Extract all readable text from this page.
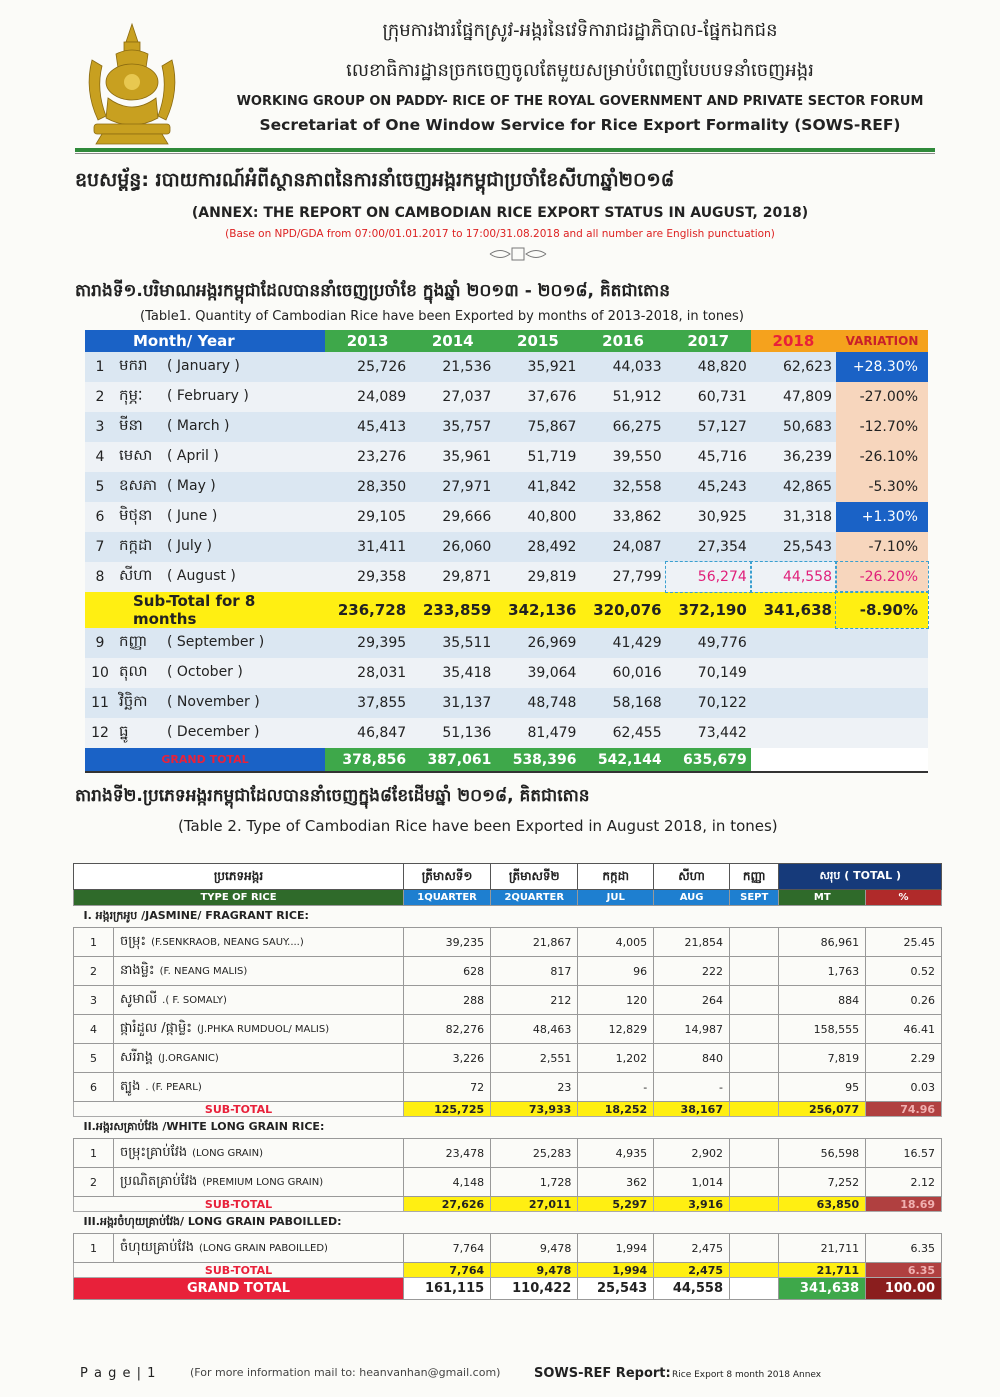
ក្រុមការងារផ្នែកស្រូវ-អង្ករនៃវេទិការាជរដ្ឋាភិបាល-ផ្នែកឯកជន
លេខាធិការដ្ឋានច្រកចេញចូលតែមួយសម្រាប់បំពេញបែបបទនាំចេញអង្ករ
WORKING GROUP ON PADDY- RICE OF THE ROYAL GOVERNMENT AND PRIVATE SECTOR FORUM
Secretariat of One Window Service for Rice Export Formality (SOWS-REF)
ឧបសម្ព័ន្ធ: របាយការណ៍អំពីស្ថានភាពនៃការនាំចេញអង្ករកម្ពុជាប្រចាំខែសីហាឆ្នាំ២០១៨
(ANNEX: THE REPORT ON CAMBODIAN RICE EXPORT STATUS IN AUGUST, 2018)
(Base on NPD/GDA from 07:00/01.01.2017 to 17:00/31.08.2018 and all number are English punctuation)
តារាងទី១.បរិមាណអង្ករកម្ពុជាដែលបាននាំចេញប្រចាំខែ ក្នុងឆ្នាំ ២០១៣ - ២០១៨, គិតជាតោន
(Table1. Quantity of Cambodian Rice have been Exported by months of 2013-2018, in tones)
Month/ Year		2013	2014	2015	2016	2017	2018	VARIATION
1	មករា ( January )	25,726	21,536	35,921	44,033	48,820	62,623	+28.30%
2	កុម្ភៈ ( February )	24,089	27,037	37,676	51,912	60,731	47,809	-27.00%
3	មីនា ( March )	45,413	35,757	75,867	66,275	57,127	50,683	-12.70%
4	មេសា ( April )	23,276	35,961	51,719	39,550	45,716	36,239	-26.10%
5	ឧសភា ( May )	28,350	27,971	41,842	32,558	45,243	42,865	-5.30%
6	មិថុនា ( June )	29,105	29,666	40,800	33,862	30,925	31,318	+1.30%
7	កក្កដា ( July )	31,411	26,060	28,492	24,087	27,354	25,543	-7.10%
8	សីហា ( August )	29,358	29,871	29,819	27,799	56,274	44,558	-26.20%
Sub-Total for 8 months		236,728	233,859	342,136	320,076	372,190	341,638	-8.90%
9	កញ្ញា ( September )	29,395	35,511	26,969	41,429	49,776		
10	តុលា ( October )	28,031	35,418	39,064	60,016	70,149		
11	វិច្ឆិកា ( November )	37,855	31,137	48,748	58,168	70,122		
12	ធ្នូ ( December )	46,847	51,136	81,479	62,455	73,442		
GRAND TOTAL		378,856	387,061	538,396	542,144	635,679		
តារាងទី២.ប្រភេទអង្ករកម្ពុជាដែលបាននាំចេញក្នុង៨ខែដើមឆ្នាំ ២០១៨, គិតជាតោន
(Table 2. Type of Cambodian Rice have been Exported in August 2018, in tones)
ប្រភេទអង្ករ		ត្រីមាសទី១	ត្រីមាសទី២	កក្កដា	សីហា	កញ្ញា	សរុប ( TOTAL )	
TYPE OF RICE		1QUARTER	2QUARTER	JUL	AUG	SEPT	MT	%
I. អង្ករក្រអូប /JASMINE/ FRAGRANT RICE:								
1	ចម្រុះ (F.SENKRAOB, NEANG SAUY....)	39,235	21,867	4,005	21,854		86,961	25.45
2	នាងម្លិះ (F. NEANG MALIS)	628	817	96	222		1,763	0.52
3	សូមាលី .( F. SOMALY)	288	212	120	264		884	0.26
4	ផ្ការំដួល /ផ្កាម្លិះ (J.PHKA RUMDUOL/ MALIS)	82,276	48,463	12,829	14,987		158,555	46.41
5	សរីរាង្គ (J.ORGANIC)	3,226	2,551	1,202	840		7,819	2.29
6	ត្បូង . (F. PEARL)	72	23	-	-		95	0.03
SUB-TOTAL		125,725	73,933	18,252	38,167		256,077	74.96
II.អង្ករសគ្រាប់វែង /WHITE LONG GRAIN RICE:								
1	ចម្រុះគ្រាប់វែង (LONG GRAIN)	23,478	25,283	4,935	2,902		56,598	16.57
2	ប្រណិតគ្រាប់វែង (PREMIUM LONG GRAIN)	4,148	1,728	362	1,014		7,252	2.12
SUB-TOTAL		27,626	27,011	5,297	3,916		63,850	18.69
III.អង្ករចំហុយគ្រាប់វែង/ LONG GRAIN PABOILLED:								
1	ចំហុយគ្រាប់វែង (LONG GRAIN PABOILLED)	7,764	9,478	1,994	2,475		21,711	6.35
SUB-TOTAL		7,764	9,478	1,994	2,475		21,711	6.35
GRAND TOTAL		161,115	110,422	25,543	44,558		341,638	100.00
P a g e | 1	(For more information mail to: heanvanhan@gmail.com)	SOWS-REF Report: Rice Export 8 month 2018 Annex
